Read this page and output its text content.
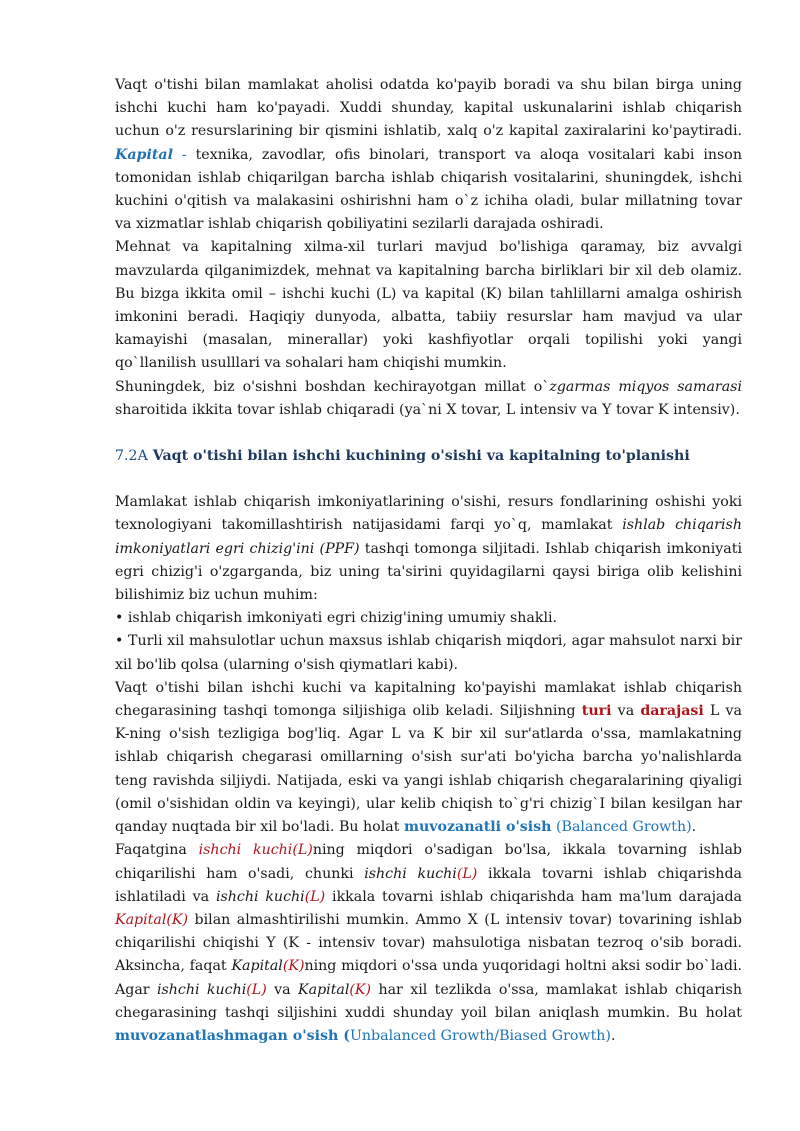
Vaqt o'tishi bilan mamlakat aholisi odatda ko'payib boradi va shu bilan birga uning ishchi kuchi ham ko'payadi. Xuddi shunday, kapital uskunalarini ishlab chiqarish uchun o'z resurslarining bir qismini ishlatib, xalq o'z kapital zaxiralarini ko'paytiradi. Kapital - texnika, zavodlar, ofis binolari, transport va aloqa vositalari kabi inson tomonidan ishlab chiqarilgan barcha ishlab chiqarish vositalarini, shuningdek, ishchi kuchini o'qitish va malakasini oshirishni ham o`z ichiha oladi, bular millatning tovar va xizmatlar ishlab chiqarish qobiliyatini sezilarli darajada oshiradi.

Mehnat va kapitalning xilma-xil turlari mavjud bo'lishiga qaramay, biz avvalgi mavzularda qilganimizdek, mehnat va kapitalning barcha birliklari bir xil deb olamiz. Bu bizga ikkita omil – ishchi kuchi (L) va kapital (K) bilan tahlillarni amalga oshirish imkonini beradi. Haqiqiy dunyoda, albatta, tabiiy resurslar ham mavjud va ular kamayishi (masalan, minerallar) yoki kashfiyotlar orqali topilishi yoki yangi qo`llanilish usulllari va sohalari ham chiqishi mumkin.

Shuningdek, biz o'sishni boshdan kechirayotgan millat o`zgarmas miqyos samarasi sharoitida ikkita tovar ishlab chiqaradi (ya`ni X tovar, L intensiv va Y tovar K intensiv).

7.2A Vaqt o'tishi bilan ishchi kuchining o'sishi va kapitalning to'planishi

Mamlakat ishlab chiqarish imkoniyatlarining o'sishi, resurs fondlarining oshishi yoki texnologiyani takomillashtirish natijasidami farqi yo`q, mamlakat ishlab chiqarish imkoniyatlari egri chizig'ini (PPF) tashqi tomonga siljitadi. Ishlab chiqarish imkoniyati egri chizig'i o'zgarganda, biz uning ta'sirini quyidagilarni qaysi biriga olib kelishini bilishimiz biz uchun muhim:

• ishlab chiqarish imkoniyati egri chizig'ining umumiy shakli.

• Turli xil mahsulotlar uchun maxsus ishlab chiqarish miqdori, agar mahsulot narxi bir xil bo'lib qolsa (ularning o'sish qiymatlari kabi).

Vaqt o'tishi bilan ishchi kuchi va kapitalning ko'payishi mamlakat ishlab chiqarish chegarasining tashqi tomonga siljishiga olib keladi. Siljishning turi va darajasi L va K-ning o'sish tezligiga bog'liq. Agar L va K bir xil sur'atlarda o'ssa, mamlakatning ishlab chiqarish chegarasi omillarning o'sish sur'ati bo'yicha barcha yo'nalishlarda teng ravishda siljiydi. Natijada, eski va yangi ishlab chiqarish chegaralarining qiyaligi (omil o'sishidan oldin va keyingi), ular kelib chiqish to`g'ri chizig`I bilan kesilgan har qanday nuqtada bir xil bo'ladi. Bu holat muvozanatli o'sish (Balanced Growth).

Faqatgina ishchi kuchi(L)ning miqdori o'sadigan bo'lsa, ikkala tovarning ishlab chiqarilishi ham o'sadi, chunki ishchi kuchi(L) ikkala tovarni ishlab chiqarishda ishlatiladi va ishchi kuchi(L) ikkala tovarni ishlab chiqarishda ham ma'lum darajada Kapital(K) bilan almashtirilishi mumkin. Ammo X (L intensiv tovar) tovarining ishlab chiqarilishi chiqishi Y (K - intensiv tovar) mahsulotiga nisbatan tezroq o'sib boradi. Aksincha, faqat Kapital(K)ning miqdori o'ssa unda yuqoridagi holtni aksi sodir bo`ladi. Agar ishchi kuchi(L) va Kapital(K) har xil tezlikda o'ssa, mamlakat ishlab chiqarish chegarasining tashqi siljishini xuddi shunday yoil bilan aniqlash mumkin. Bu holat muvozanatlashmagan o'sish (Unbalanced Growth/Biased Growth).
